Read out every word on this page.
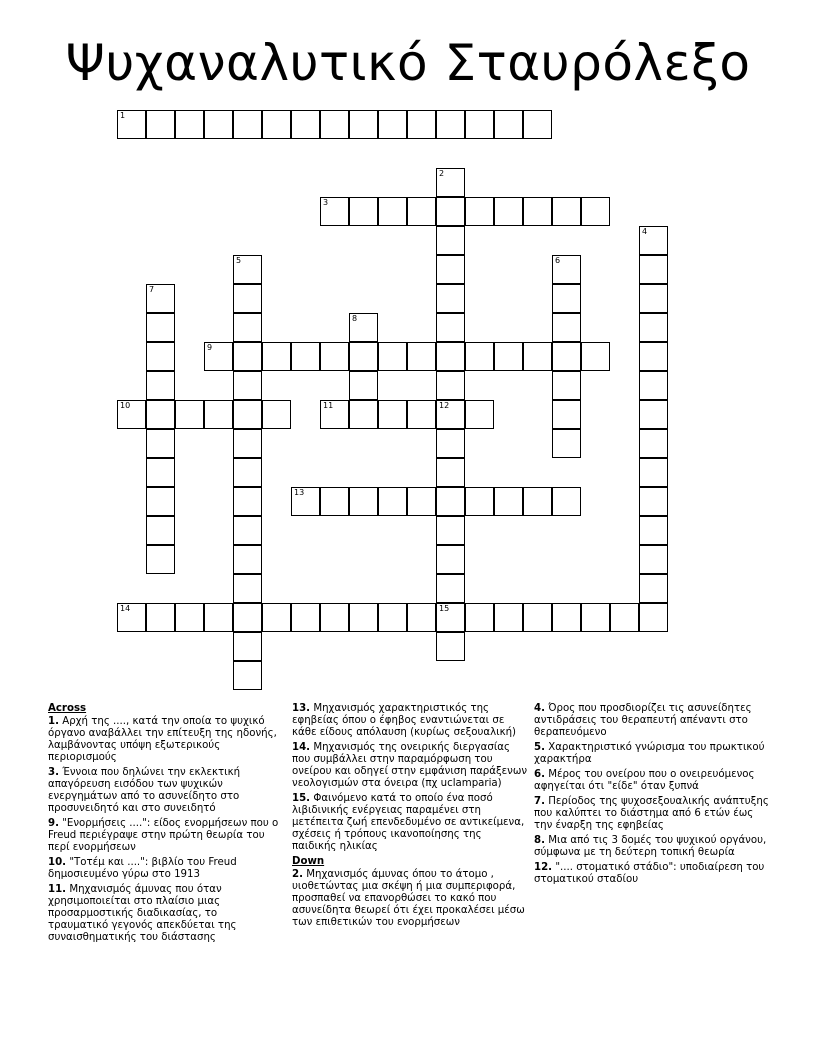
Ψυχαναλυτικό Σταυρόλεξο
1
2
12
15
3
4
5	6
7
8
9
10	11
13
14
Across
1. Αρχή της ...., κατά την οποία το ψυχικό όργανο αναβάλλει την επίτευξη της ηδονής, λαμβάνοντας υπόψη εξωτερικούς περιορισμούς
3. Έννοια που δηλώνει την εκλεκτική απαγόρευση εισόδου των ψυχικών ενεργημάτων από το ασυνείδητο στο προσυνειδητό και στο συνειδητό
9. "Ενορμήσεις ....": είδος ενορμήσεων που ο Freud περιέγραψε στην πρώτη θεωρία του περί ενορμήσεων
10. "Τοτέμ και ....": βιβλίο του Freud δημοσιευμένο γύρω στο 1913
11. Μηχανισμός άμυνας που όταν χρησιμοποιείται στο πλαίσιο μιας προσαρμοστικής διαδικασίας, το τραυματικό γεγονός απεκδύεται της συναισθηματικής του διάστασης
13. Μηχανισμός χαρακτηριστικός της εφηβείας όπου ο έφηβος εναντιώνεται σε κάθε είδους απόλαυση (κυρίως σεξουαλική)
14. Μηχανισμός της ονειρικής διεργασίας που συμβάλλει στην παραμόρφωση του ονείρου και οδηγεί στην εμφάνιση παράξενων νεολογισμών στα όνειρα (πχ uclamparia)
15. Φαινόμενο κατά το οποίο ένα ποσό λιβιδινικής ενέργειας παραμένει στη μετέπειτα ζωή επενδεδυμένο σε αντικείμενα, σχέσεις ή τρόπους ικανοποίησης της παιδικής ηλικίας
Down
2. Μηχανισμός άμυνας όπου το άτομο , υιοθετώντας μια σκέψη ή μια συμπεριφορά, προσπαθεί να επανορθώσει το κακό που ασυνείδητα θεωρεί ότι έχει προκαλέσει μέσω των επιθετικών του ενορμήσεων
4. Όρος που προσδιορίζει τις ασυνείδητες αντιδράσεις του θεραπευτή απέναντι στο θεραπευόμενο
5. Χαρακτηριστικό γνώρισμα του πρωκτικού χαρακτήρα
6. Μέρος του ονείρου που ο ονειρευόμενος αφηγείται ότι "είδε" όταν ξυπνά
7. Περίοδος της ψυχοσεξουαλικής ανάπτυξης που καλύπτει το διάστημα από 6 ετών έως την έναρξη της εφηβείας
8. Μια από τις 3 δομές του ψυχικού οργάνου, σύμφωνα με τη δεύτερη τοπική θεωρία
12. ".... στοματικό στάδιο": υποδιαίρεση του στοματικού σταδίου
